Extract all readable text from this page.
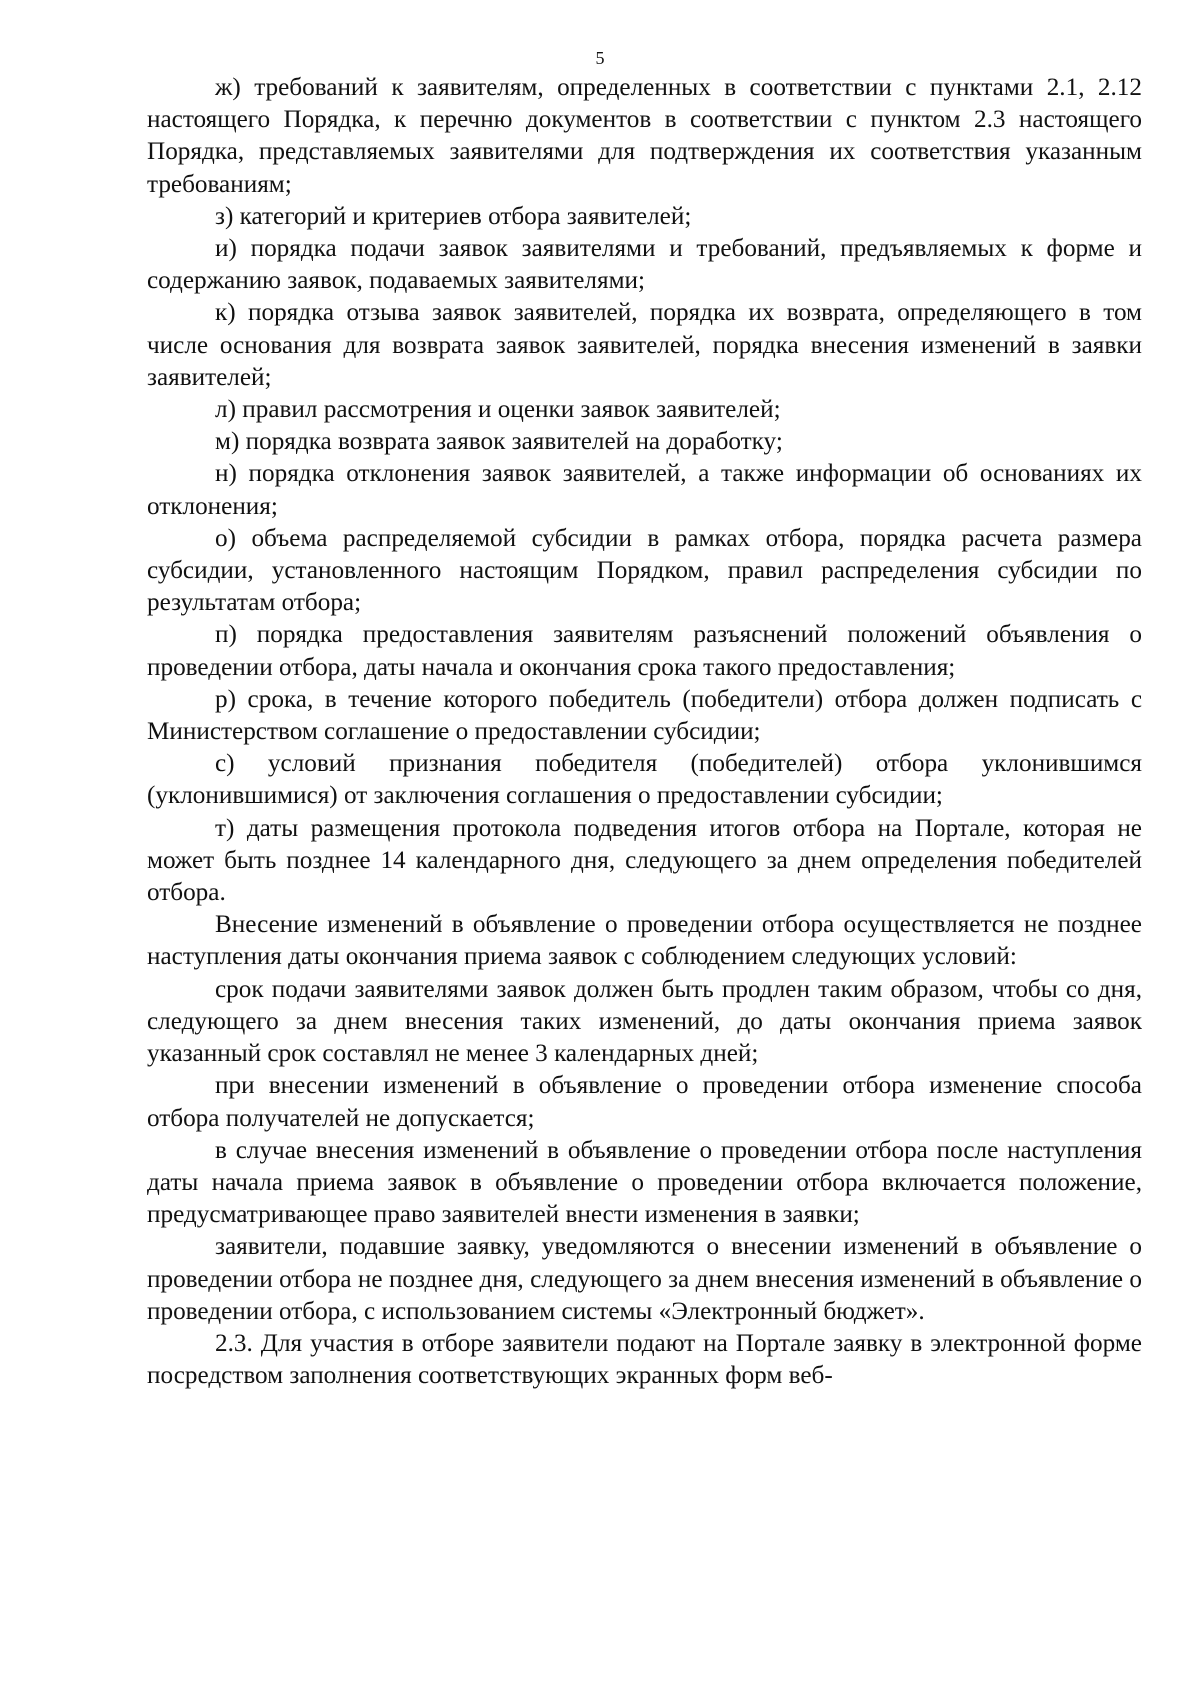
5

ж) требований к заявителям, определенных в соответствии с пунктами 2.1, 2.12 настоящего Порядка, к перечню документов в соответствии с пунктом 2.3 настоящего Порядка, представляемых заявителями для подтверждения их соответствия указанным требованиям;

з) категорий и критериев отбора заявителей;

и) порядка подачи заявок заявителями и требований, предъявляемых к форме и содержанию заявок, подаваемых заявителями;

к) порядка отзыва заявок заявителей, порядка их возврата, определяющего в том числе основания для возврата заявок заявителей, порядка внесения изменений в заявки заявителей;

л) правил рассмотрения и оценки заявок заявителей;

м) порядка возврата заявок заявителей на доработку;

н) порядка отклонения заявок заявителей, а также информации об основаниях их отклонения;

о) объема распределяемой субсидии в рамках отбора, порядка расчета размера субсидии, установленного настоящим Порядком, правил распределения субсидии по результатам отбора;

п) порядка предоставления заявителям разъяснений положений объявления о проведении отбора, даты начала и окончания срока такого предоставления;

р) срока, в течение которого победитель (победители) отбора должен подписать с Министерством соглашение о предоставлении субсидии;

с) условий признания победителя (победителей) отбора уклонившимся (уклонившимися) от заключения соглашения о предоставлении субсидии;

т) даты размещения протокола подведения итогов отбора на Портале, которая не может быть позднее 14 календарного дня, следующего за днем определения победителей отбора.

Внесение изменений в объявление о проведении отбора осуществляется не позднее наступления даты окончания приема заявок с соблюдением следующих условий:

срок подачи заявителями заявок должен быть продлен таким образом, чтобы со дня, следующего за днем внесения таких изменений, до даты окончания приема заявок указанный срок составлял не менее 3 календарных дней;

при внесении изменений в объявление о проведении отбора изменение способа отбора получателей не допускается;

в случае внесения изменений в объявление о проведении отбора после наступления даты начала приема заявок в объявление о проведении отбора включается положение, предусматривающее право заявителей внести изменения в заявки;

заявители, подавшие заявку, уведомляются о внесении изменений в объявление о проведении отбора не позднее дня, следующего за днем внесения изменений в объявление о проведении отбора, с использованием системы «Электронный бюджет».

2.3. Для участия в отборе заявители подают на Портале заявку в электронной форме посредством заполнения соответствующих экранных форм веб-
